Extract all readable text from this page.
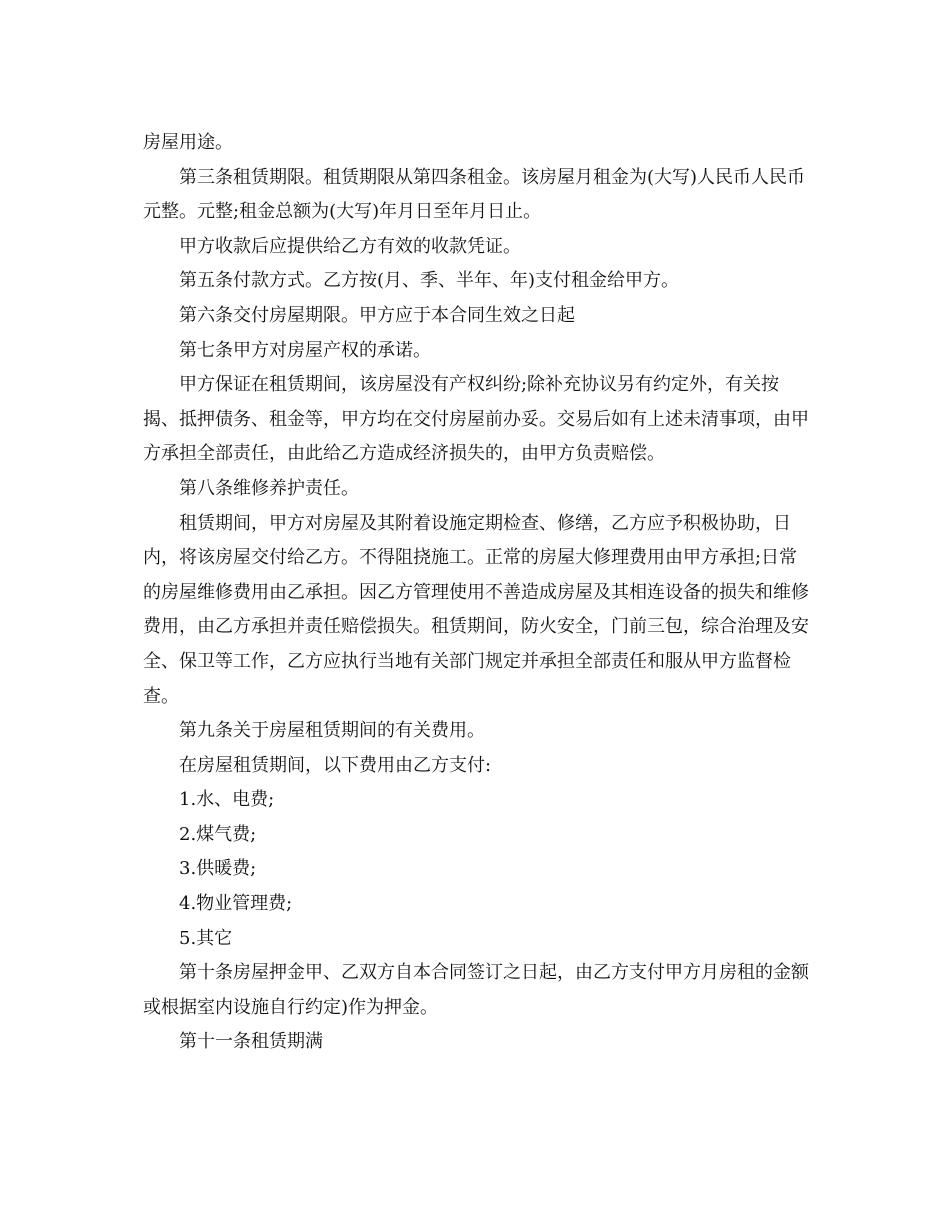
房屋用途。

第三条租赁期限。租赁期限从第四条租金。该房屋月租金为(大写)人民币人民币元整。元整;租金总额为(大写)年月日至年月日止。

甲方收款后应提供给乙方有效的收款凭证。

第五条付款方式。乙方按(月、季、半年、年)支付租金给甲方。

第六条交付房屋期限。甲方应于本合同生效之日起

第七条甲方对房屋产权的承诺。

甲方保证在租赁期间，该房屋没有产权纠纷;除补充协议另有约定外，有关按揭、抵押债务、租金等，甲方均在交付房屋前办妥。交易后如有上述未清事项，由甲方承担全部责任，由此给乙方造成经济损失的，由甲方负责赔偿。

第八条维修养护责任。

租赁期间，甲方对房屋及其附着设施定期检查、修缮，乙方应予积极协助，日内，将该房屋交付给乙方。不得阻挠施工。正常的房屋大修理费用由甲方承担;日常的房屋维修费用由乙承担。因乙方管理使用不善造成房屋及其相连设备的损失和维修费用，由乙方承担并责任赔偿损失。租赁期间，防火安全，门前三包，综合治理及安全、保卫等工作，乙方应执行当地有关部门规定并承担全部责任和服从甲方监督检查。

第九条关于房屋租赁期间的有关费用。

在房屋租赁期间，以下费用由乙方支付:

1.水、电费;

2.煤气费;

3.供暖费;

4.物业管理费;

5.其它

第十条房屋押金甲、乙双方自本合同签订之日起，由乙方支付甲方月房租的金额或根据室内设施自行约定)作为押金。

第十一条租赁期满
